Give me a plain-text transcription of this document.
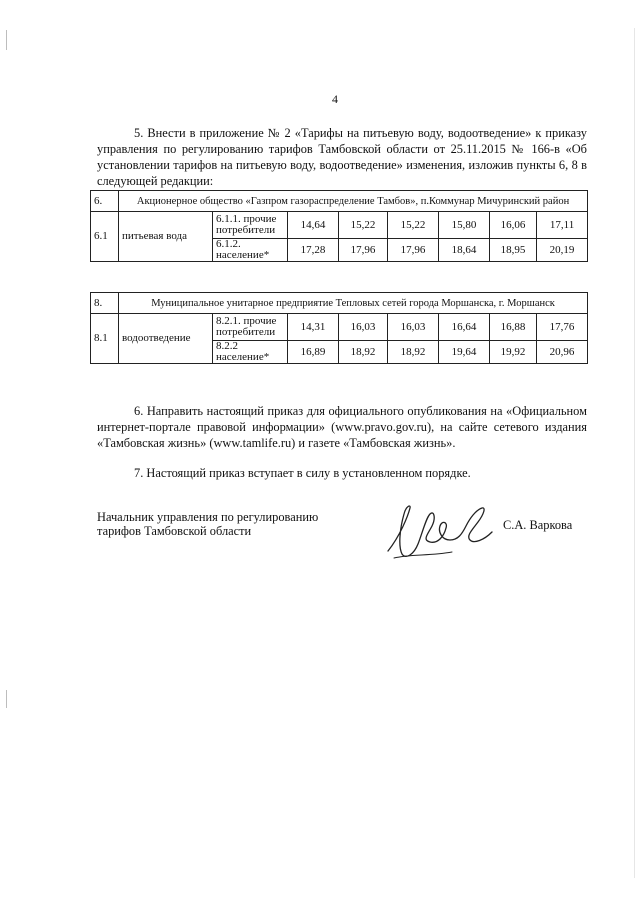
4

5. Внести в приложение № 2 «Тарифы на питьевую воду, водоотведение» к приказу управления по регулированию тарифов Тамбовской области от 25.11.2015 № 166-в «Об установлении тарифов на питьевую воду, водоотведение» изменения, изложив пункты 6, 8 в следующей редакции:

6.	Акционерное общество «Газпром газораспределение Тамбов», п.Коммунар Мичуринский район							
6.1	питьевая вода	6.1.1. прочие потребители	14,64	15,22	15,22	15,80	16,06	17,11
		6.1.2. население*	17,28	17,96	17,96	18,64	18,95	20,19
8.	Муниципальное унитарное предприятие Тепловых сетей города Моршанска, г. Моршанск							
8.1	водоотведение	8.2.1. прочие потребители	14,31	16,03	16,03	16,64	16,88	17,76
		8.2.2 население*	16,89	18,92	18,92	19,64	19,92	20,96

6. Направить настоящий приказ для официального опубликования на «Официальном интернет-портале правовой информации» (www.pravo.gov.ru), на сайте сетевого издания «Тамбовская жизнь» (www.tamlife.ru) и газете «Тамбовская жизнь».

7. Настоящий приказ вступает в силу в установленном порядке.

Начальник управления по регулированию
тарифов Тамбовской области	С.А. Варкова
